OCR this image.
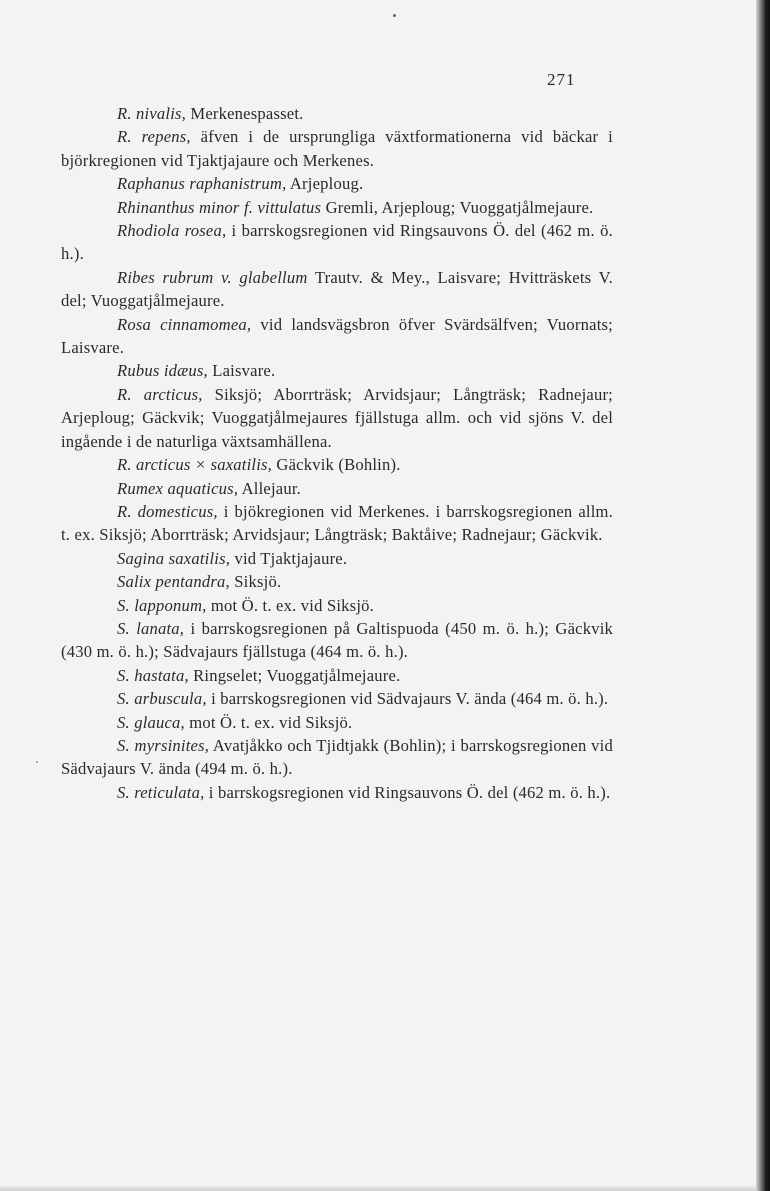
271

R. nivalis, Merkenespasset.

R. repens, äfven i de ursprungliga växtformationerna vid bäckar i björkregionen vid Tjaktjajaure och Merkenes.

Raphanus raphanistrum, Arjeploug.

Rhinanthus minor f. vittulatus Gremli, Arjeploug; Vuoggatjålmejaure.

Rhodiola rosea, i barrskogsregionen vid Ringsauvons Ö. del (462 m. ö. h.).

Ribes rubrum v. glabellum Trautv. & Mey., Laisvare; Hvitträskets V. del; Vuoggatjålmejaure.

Rosa cinnamomea, vid landsvägsbron öfver Svärdsälfven; Vuornats; Laisvare.

Rubus idæus, Laisvare.

R. arcticus, Siksjö; Aborrträsk; Arvidsjaur; Långträsk; Radnejaur; Arjeploug; Gäckvik; Vuoggatjålmejaures fjällstuga allm. och vid sjöns V. del ingående i de naturliga växtsamhällena.

R. arcticus × saxatilis, Gäckvik (Bohlin).

Rumex aquaticus, Allejaur.

R. domesticus, i bjökregionen vid Merkenes. i barrskogsregionen allm. t. ex. Siksjö; Aborrträsk; Arvidsjaur; Långträsk; Baktåive; Radnejaur; Gäckvik.

Sagina saxatilis, vid Tjaktjajaure.

Salix pentandra, Siksjö.

S. lapponum, mot Ö. t. ex. vid Siksjö.

S. lanata, i barrskogsregionen på Galtispuoda (450 m. ö. h.); Gäckvik (430 m. ö. h.); Sädvajaurs fjällstuga (464 m. ö. h.).

S. hastata, Ringselet; Vuoggatjålmejaure.

S. arbuscula, i barrskogsregionen vid Sädvajaurs V. ända (464 m. ö. h.).

S. glauca, mot Ö. t. ex. vid Siksjö.

S. myrsinites, Avatjåkko och Tjidtjakk (Bohlin); i barrskogsregionen vid Sädvajaurs V. ända (494 m. ö. h.).

S. reticulata, i barrskogsregionen vid Ringsauvons Ö. del (462 m. ö. h.).
